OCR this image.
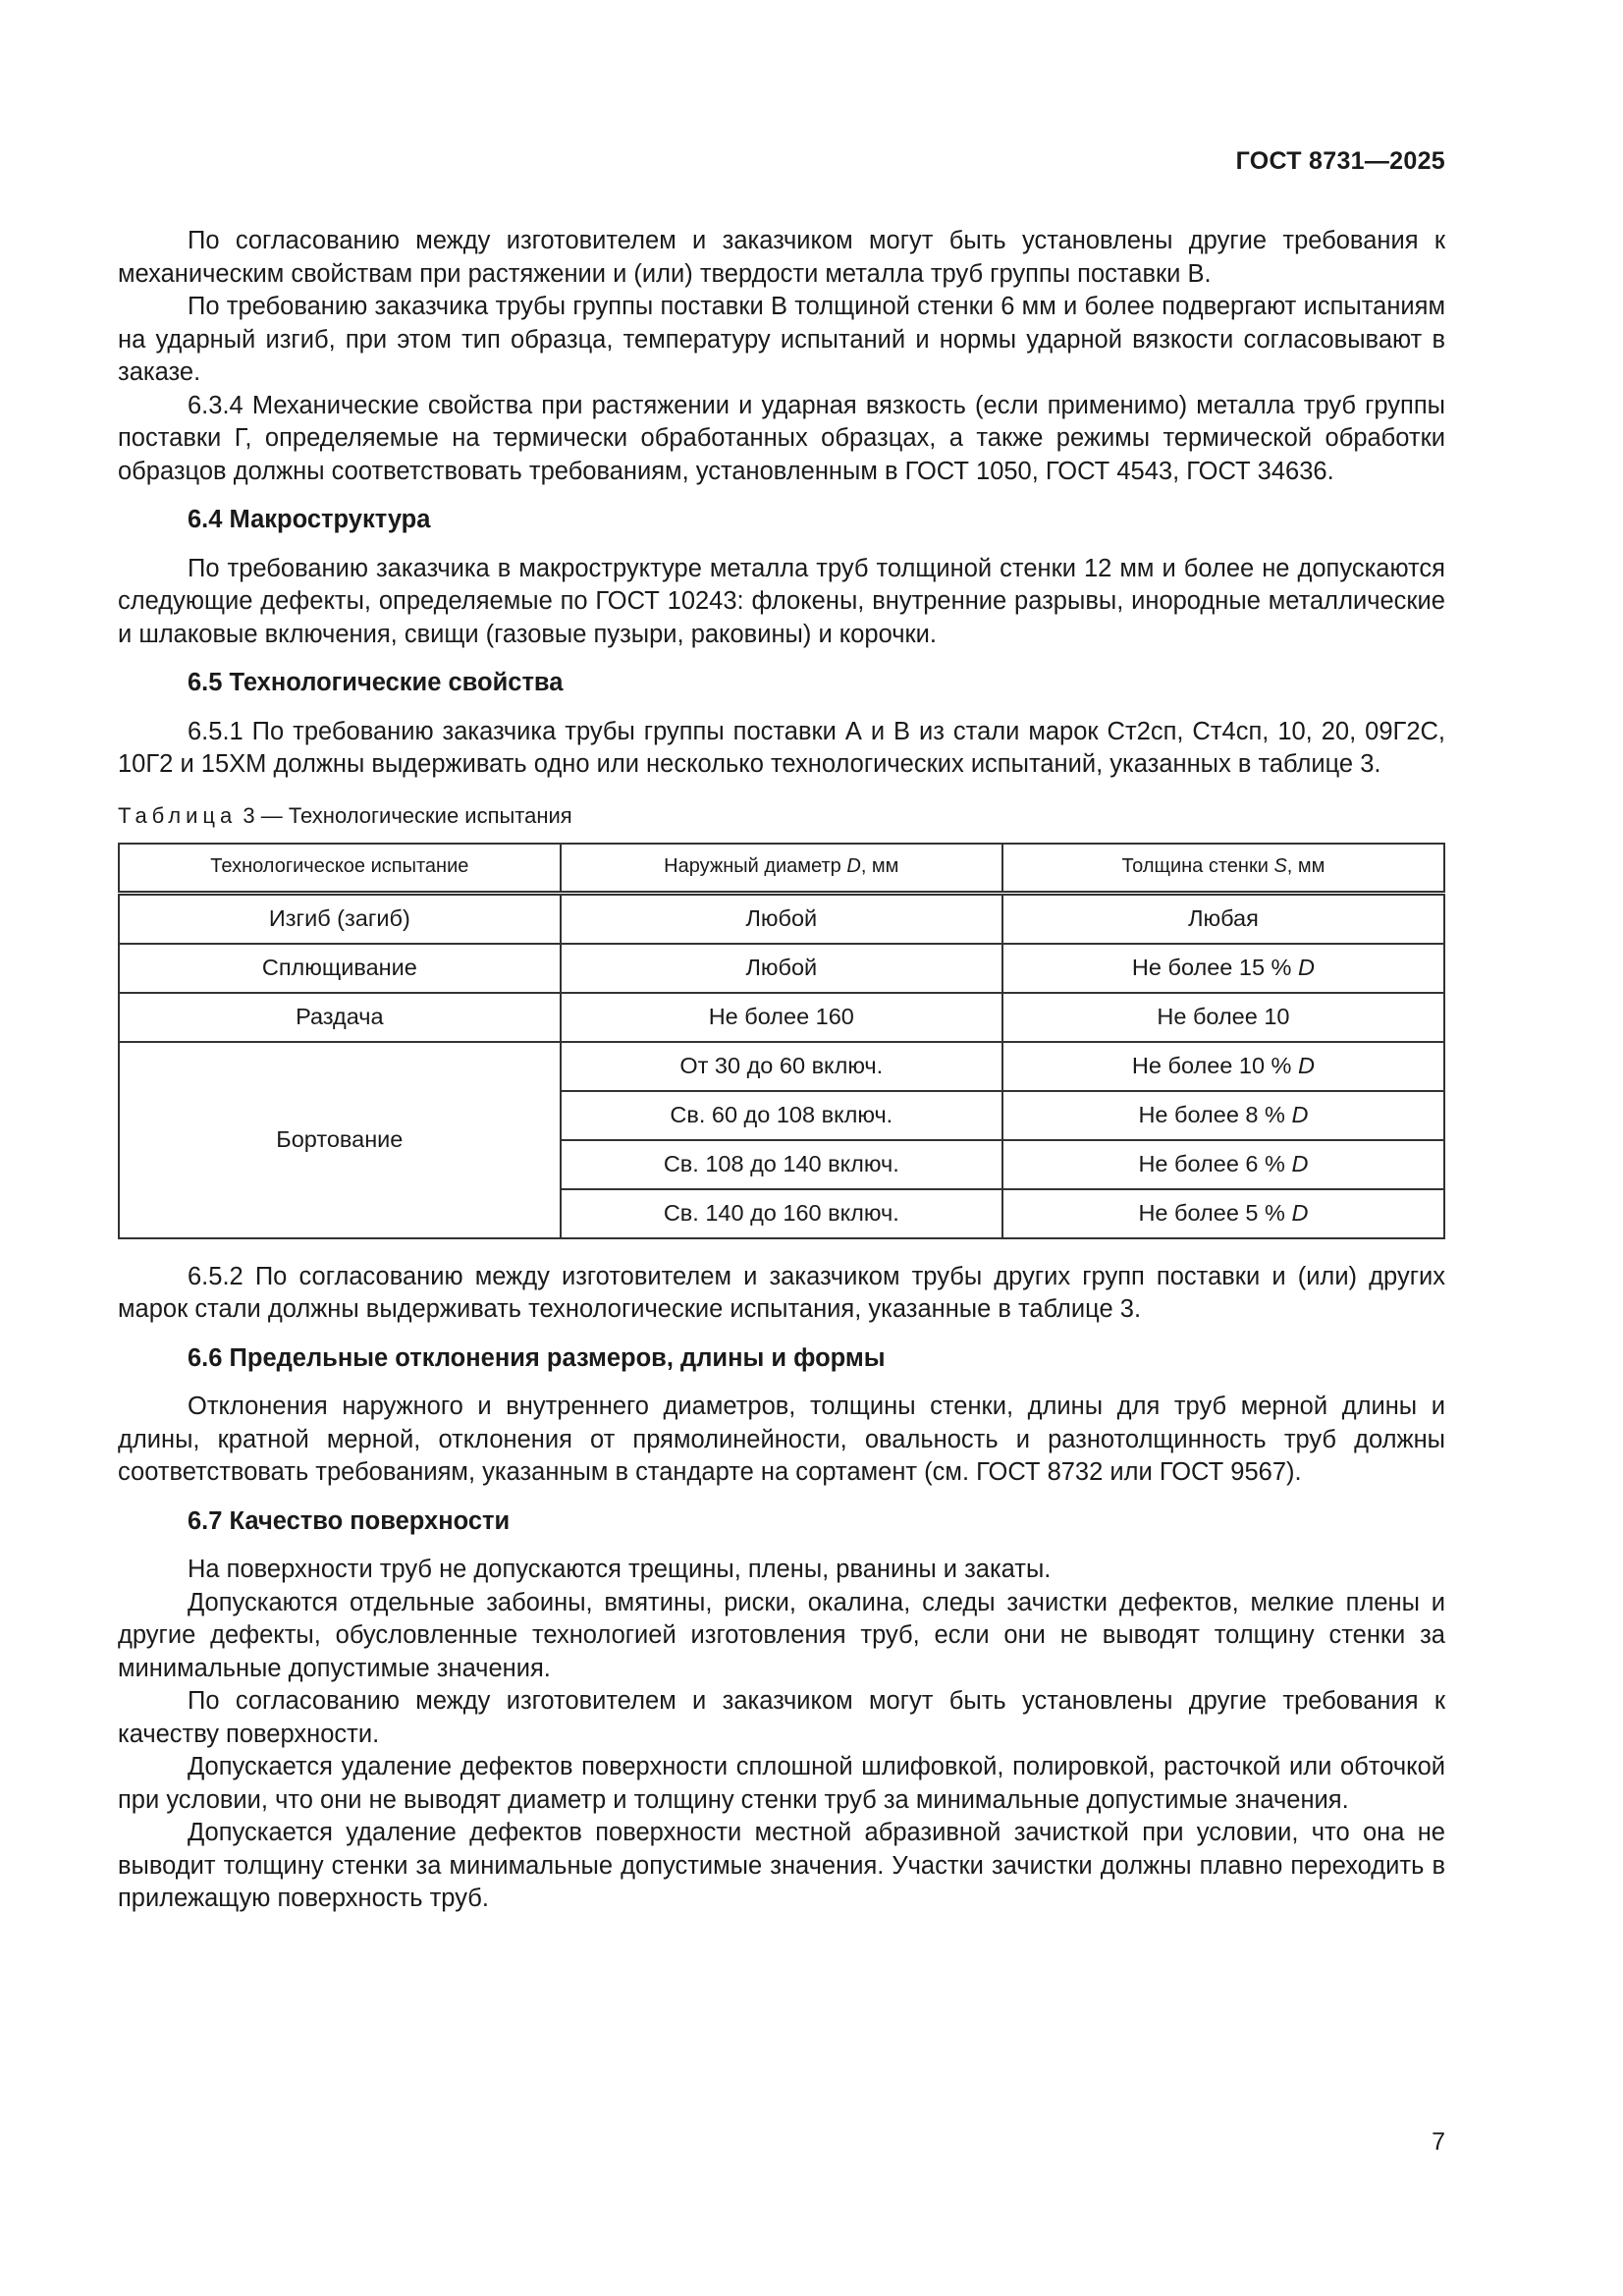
ГОСТ 8731—2025

По согласованию между изготовителем и заказчиком могут быть установлены другие требования к механическим свойствам при растяжении и (или) твердости металла труб группы поставки В.

По требованию заказчика трубы группы поставки В толщиной стенки 6 мм и более подвергают испытаниям на ударный изгиб, при этом тип образца, температуру испытаний и нормы ударной вязкости согласовывают в заказе.

6.3.4 Механические свойства при растяжении и ударная вязкость (если применимо) металла труб группы поставки Г, определяемые на термически обработанных образцах, а также режимы термической обработки образцов должны соответствовать требованиям, установленным в ГОСТ 1050, ГОСТ 4543, ГОСТ 34636.

6.4 Макроструктура

По требованию заказчика в макроструктуре металла труб толщиной стенки 12 мм и более не допускаются следующие дефекты, определяемые по ГОСТ 10243: флокены, внутренние разрывы, инородные металлические и шлаковые включения, свищи (газовые пузыри, раковины) и корочки.

6.5 Технологические свойства

6.5.1 По требованию заказчика трубы группы поставки А и В из стали марок Ст2сп, Ст4сп, 10, 20, 09Г2С, 10Г2 и 15ХМ должны выдерживать одно или несколько технологических испытаний, указанных в таблице 3.

Таблица 3 — Технологические испытания
Технологическое испытание	Наружный диаметр D, мм	Толщина стенки S, мм
Изгиб (загиб)	Любой	Любая
Сплющивание	Любой	Не более 15 % D
Раздача	Не более 160	Не более 10
Бортование	От 30 до 60 включ.	Не более 10 % D
	Св. 60 до 108 включ.	Не более 8 % D
	Св. 108 до 140 включ.	Не более 6 % D
	Св. 140 до 160 включ.	Не более 5 % D

6.5.2 По согласованию между изготовителем и заказчиком трубы других групп поставки и (или) других марок стали должны выдерживать технологические испытания, указанные в таблице 3.

6.6 Предельные отклонения размеров, длины и формы

Отклонения наружного и внутреннего диаметров, толщины стенки, длины для труб мерной длины и длины, кратной мерной, отклонения от прямолинейности, овальность и разнотолщинность труб должны соответствовать требованиям, указанным в стандарте на сортамент (см. ГОСТ 8732 или ГОСТ 9567).

6.7 Качество поверхности

На поверхности труб не допускаются трещины, плены, рванины и закаты.

Допускаются отдельные забоины, вмятины, риски, окалина, следы зачистки дефектов, мелкие плены и другие дефекты, обусловленные технологией изготовления труб, если они не выводят толщину стенки за минимальные допустимые значения.

По согласованию между изготовителем и заказчиком могут быть установлены другие требования к качеству поверхности.

Допускается удаление дефектов поверхности сплошной шлифовкой, полировкой, расточкой или обточкой при условии, что они не выводят диаметр и толщину стенки труб за минимальные допустимые значения.

Допускается удаление дефектов поверхности местной абразивной зачисткой при условии, что она не выводит толщину стенки за минимальные допустимые значения. Участки зачистки должны плавно переходить в прилежащую поверхность труб.

7
